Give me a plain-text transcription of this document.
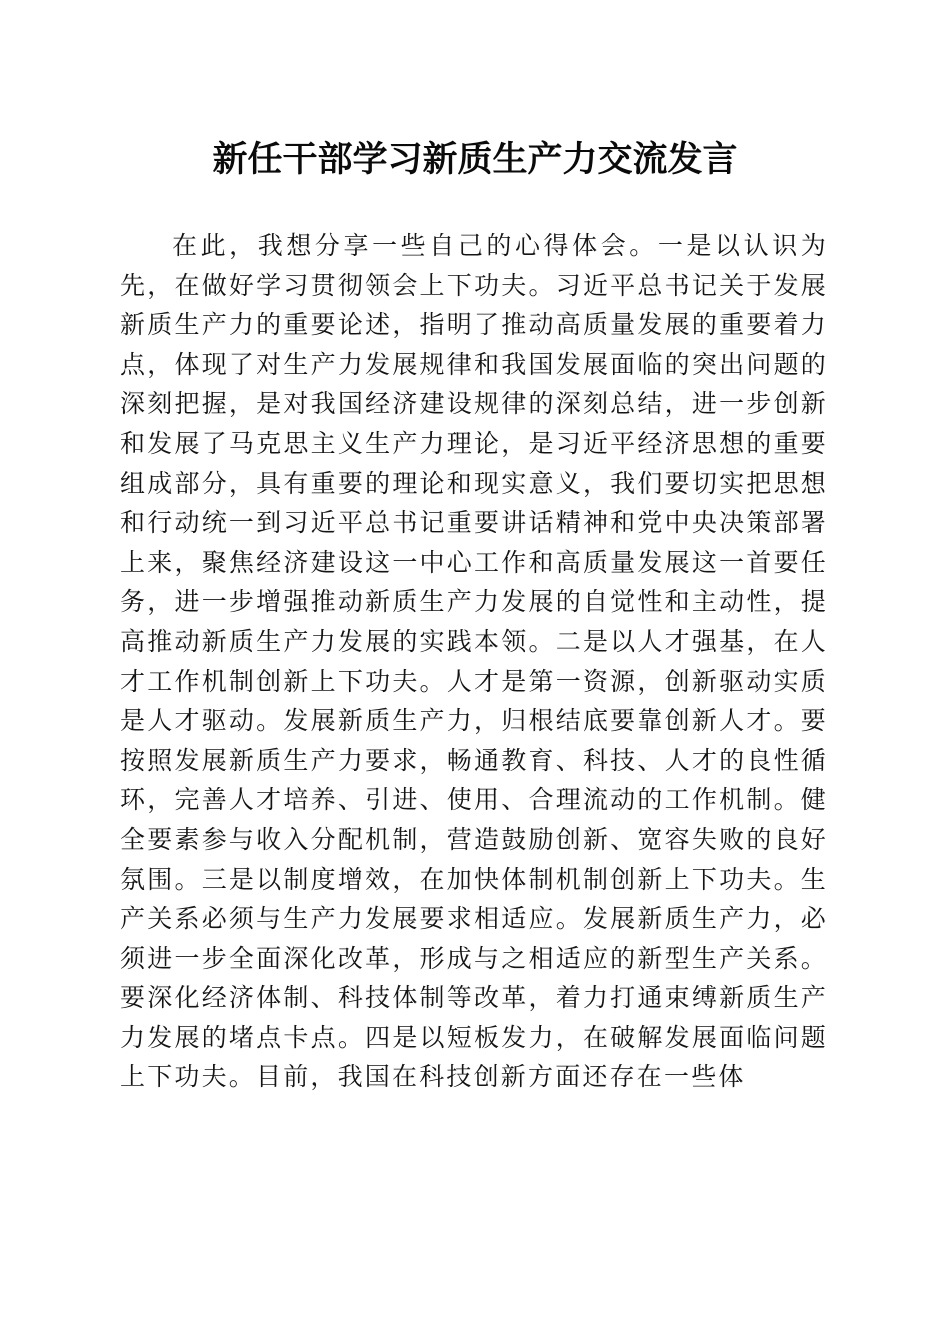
新任干部学习新质生产力交流发言

在此，我想分享一些自己的心得体会。一是以认识为先，在做好学习贯彻领会上下功夫。习近平总书记关于发展新质生产力的重要论述，指明了推动高质量发展的重要着力点，体现了对生产力发展规律和我国发展面临的突出问题的深刻把握，是对我国经济建设规律的深刻总结，进一步创新和发展了马克思主义生产力理论，是习近平经济思想的重要组成部分，具有重要的理论和现实意义，我们要切实把思想和行动统一到习近平总书记重要讲话精神和党中央决策部署上来，聚焦经济建设这一中心工作和高质量发展这一首要任务，进一步增强推动新质生产力发展的自觉性和主动性，提高推动新质生产力发展的实践本领。二是以人才强基，在人才工作机制创新上下功夫。人才是第一资源，创新驱动实质是人才驱动。发展新质生产力，归根结底要靠创新人才。要按照发展新质生产力要求，畅通教育、科技、人才的良性循环，完善人才培养、引进、使用、合理流动的工作机制。健全要素参与收入分配机制，营造鼓励创新、宽容失败的良好氛围。三是以制度增效，在加快体制机制创新上下功夫。生产关系必须与生产力发展要求相适应。发展新质生产力，必须进一步全面深化改革，形成与之相适应的新型生产关系。要深化经济体制、科技体制等改革，着力打通束缚新质生产力发展的堵点卡点。四是以短板发力，在破解发展面临问题上下功夫。目前，我国在科技创新方面还存在一些体
